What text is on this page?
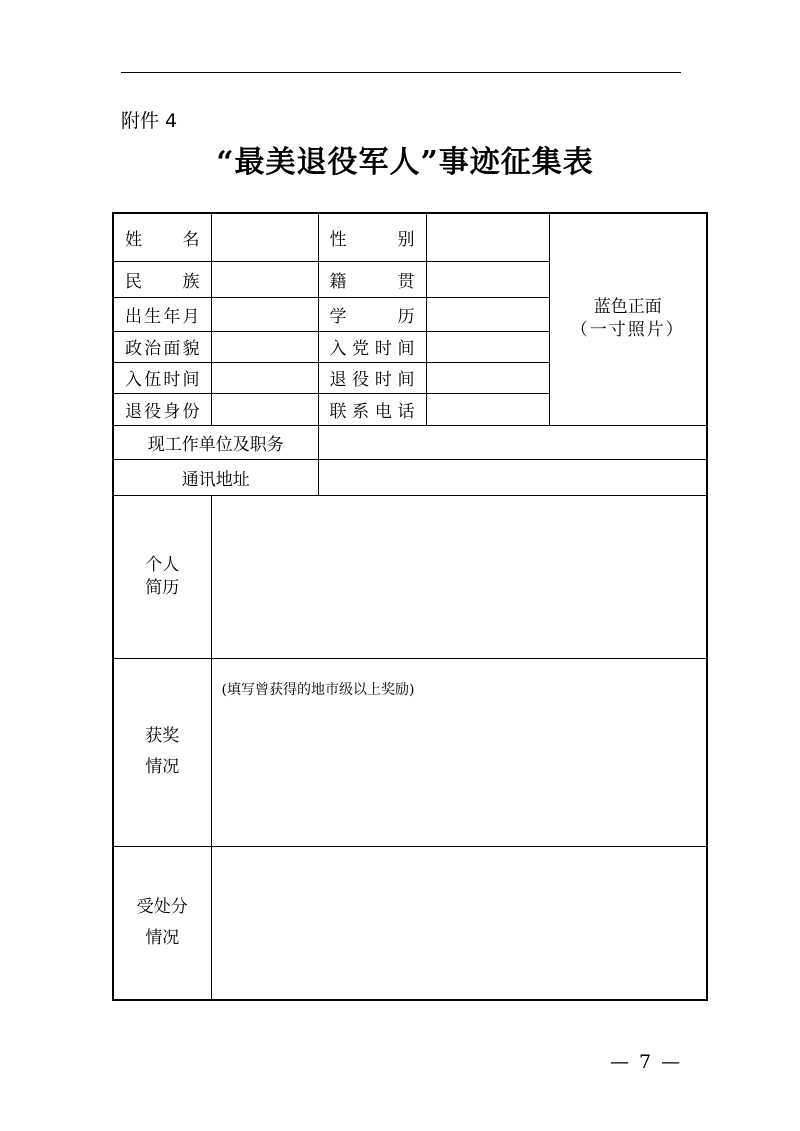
附件 4
“最美退役军人”事迹征集表
姓名		性别		蓝色正面
（一寸照片）

民族		籍贯		
出生年月		学历		
政治面貌		入党时间		
入伍时间		退役时间		
退役身份		联系电话		
现工作单位及职务				
通讯地址				

个人
简历				

获奖
情况	(填写曾获得的地市级以上奖励)			

受处分
情况				

— 7 —
